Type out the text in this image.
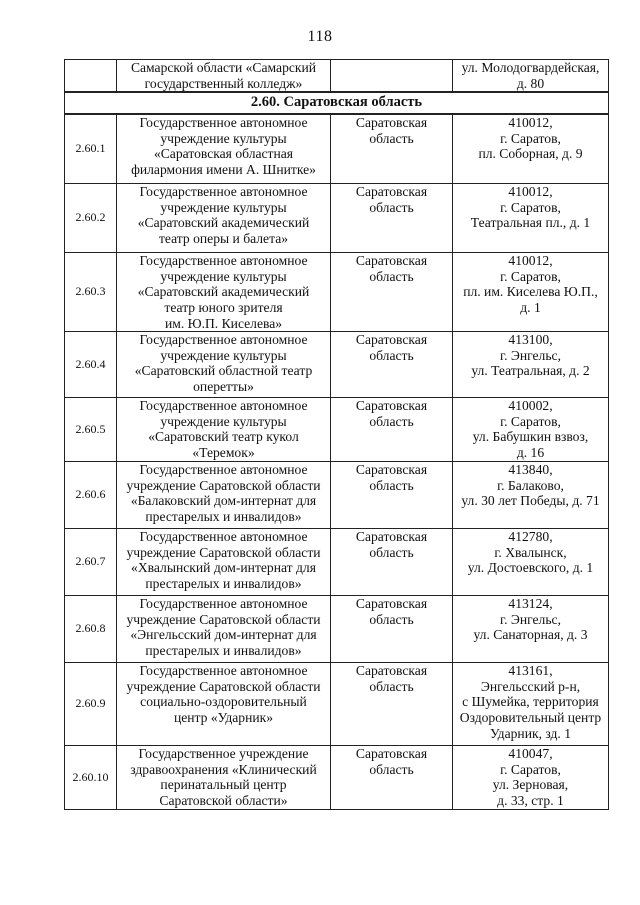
118
	Самарской области «Самарский
государственный колледж»		ул. Молодогвардейская,
д. 80
2.60. Саратовская область			
2.60.1	Государственное автономное
учреждение культуры
«Саратовская областная
филармония имени А. Шнитке»	Саратовская
область	410012,
г. Саратов,
пл. Соборная, д. 9
2.60.2	Государственное автономное
учреждение культуры
«Саратовский академический
театр оперы и балета»	Саратовская
область	410012,
г. Саратов,
Театральная пл., д. 1
2.60.3	Государственное автономное
учреждение культуры
«Саратовский академический
театр юного зрителя
им. Ю.П. Киселева»	Саратовская
область	410012,
г. Саратов,
пл. им. Киселева Ю.П.,
д. 1
2.60.4	Государственное автономное
учреждение культуры
«Саратовский областной театр
оперетты»	Саратовская
область	413100,
г. Энгельс,
ул. Театральная, д. 2
2.60.5	Государственное автономное
учреждение культуры
«Саратовский театр кукол
«Теремок»	Саратовская
область	410002,
г. Саратов,
ул. Бабушкин взвоз,
д. 16
2.60.6	Государственное автономное
учреждение Саратовской области
«Балаковский дом-интернат для
престарелых и инвалидов»	Саратовская
область	413840,
г. Балаково,
ул. 30 лет Победы, д. 71
2.60.7	Государственное автономное
учреждение Саратовской области
«Хвалынский дом-интернат для
престарелых и инвалидов»	Саратовская
область	412780,
г. Хвалынск,
ул. Достоевского, д. 1
2.60.8	Государственное автономное
учреждение Саратовской области
«Энгельсский дом-интернат для
престарелых и инвалидов»	Саратовская
область	413124,
г. Энгельс,
ул. Санаторная, д. 3
2.60.9	Государственное автономное
учреждение Саратовской области
социально-оздоровительный
центр «Ударник»	Саратовская
область	413161,
Энгельсский р-н,
с Шумейка, территория
Оздоровительный центр
Ударник, зд. 1
2.60.10	Государственное учреждение
здравоохранения «Клинический
перинатальный центр
Саратовской области»	Саратовская
область	410047,
г. Саратов,
ул. Зерновая,
д. 33, стр. 1
